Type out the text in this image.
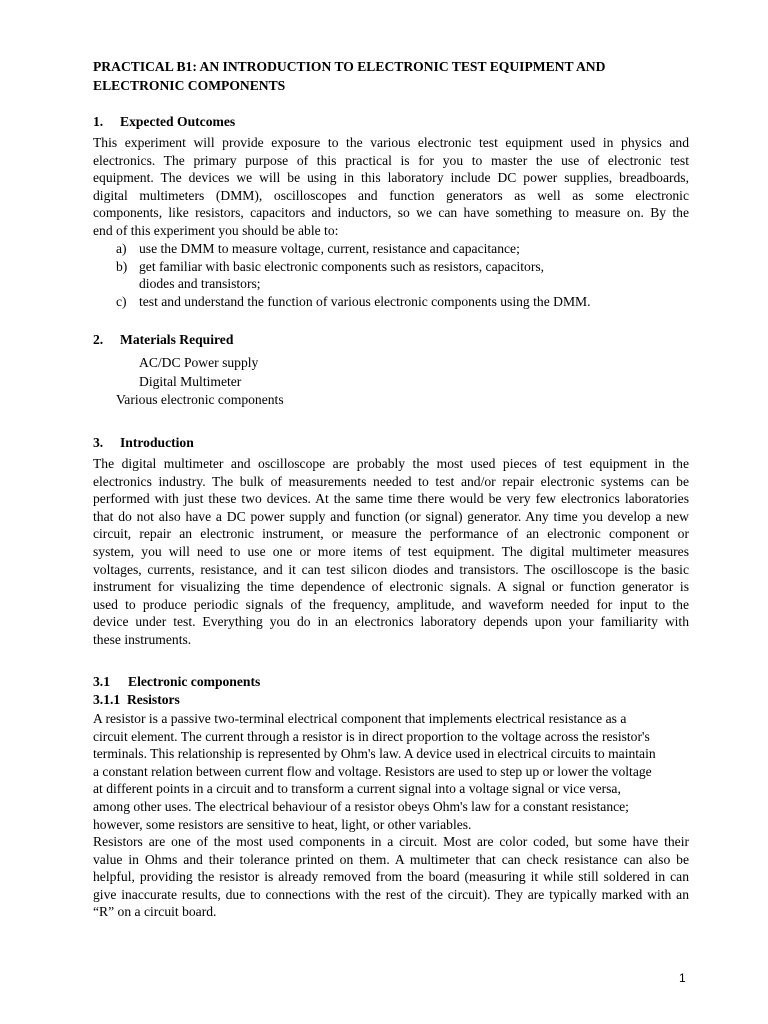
PRACTICAL B1: AN INTRODUCTION TO ELECTRONIC TEST EQUIPMENT AND
ELECTRONIC COMPONENTS
1. Expected Outcomes
This experiment will provide exposure to the various electronic test equipment used in physics and
electronics. The primary purpose of this practical is for you to master the use of electronic test
equipment. The devices we will be using in this laboratory include DC power supplies, breadboards,
digital multimeters (DMM), oscilloscopes and function generators as well as some electronic
components, like resistors, capacitors and inductors, so we can have something to measure on. By the
end of this experiment you should be able to:
a) use the DMM to measure voltage, current, resistance and capacitance;
b) get familiar with basic electronic components such as resistors, capacitors,
diodes and transistors;
c) test and understand the function of various electronic components using the DMM.
2. Materials Required
AC/DC Power supply
Digital Multimeter
Various electronic components
3. Introduction
The digital multimeter and oscilloscope are probably the most used pieces of test equipment in the
electronics industry. The bulk of measurements needed to test and/or repair electronic systems can be
performed with just these two devices. At the same time there would be very few electronics laboratories
that do not also have a DC power supply and function (or signal) generator. Any time you develop a new
circuit, repair an electronic instrument, or measure the performance of an electronic component or
system, you will need to use one or more items of test equipment. The digital multimeter measures
voltages, currents, resistance, and it can test silicon diodes and transistors. The oscilloscope is the basic
instrument for visualizing the time dependence of electronic signals. A signal or function generator is
used to produce periodic signals of the frequency, amplitude, and waveform needed for input to the
device under test. Everything you do in an electronics laboratory depends upon your familiarity with
these instruments.
3.1 Electronic components
3.1.1 Resistors
A resistor is a passive two-terminal electrical component that implements electrical resistance as a
circuit element. The current through a resistor is in direct proportion to the voltage across the resistor's
terminals. This relationship is represented by Ohm's law. A device used in electrical circuits to maintain
a constant relation between current flow and voltage. Resistors are used to step up or lower the voltage
at different points in a circuit and to transform a current signal into a voltage signal or vice versa,
among other uses. The electrical behaviour of a resistor obeys Ohm's law for a constant resistance;
however, some resistors are sensitive to heat, light, or other variables.
Resistors are one of the most used components in a circuit. Most are color coded, but some have their
value in Ohms and their tolerance printed on them. A multimeter that can check resistance can also be
helpful, providing the resistor is already removed from the board (measuring it while still soldered in can
give inaccurate results, due to connections with the rest of the circuit). They are typically marked with an
“R” on a circuit board.
1
